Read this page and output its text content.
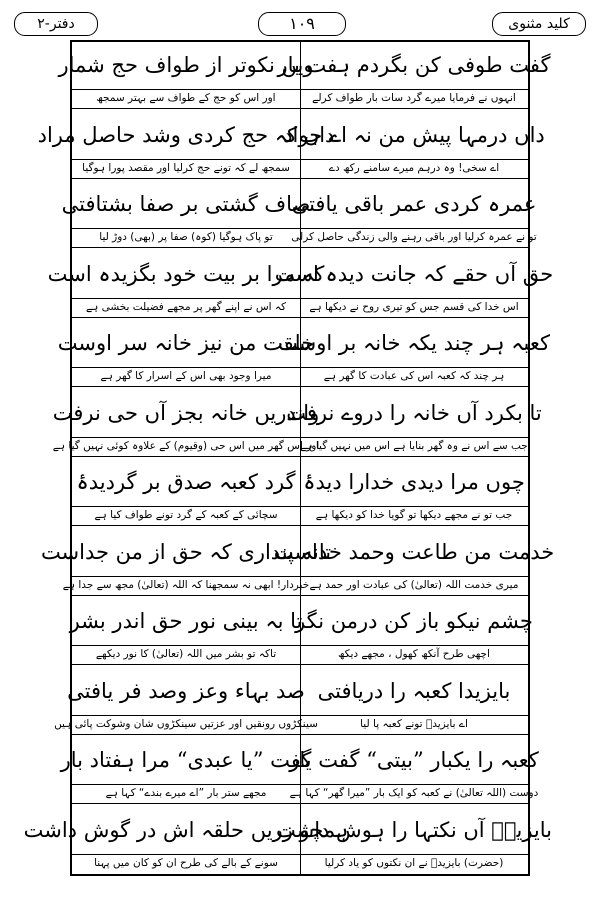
کلید مثنوی
۱۰۹
دفتر-۲
گفت طوفی کن بگردم ہفت بار
ویں نکوتر از طواف حج شمار
انہوں نے فرمایا میرے گرد سات بار طواف کرلے
اور اس کو حج کے طواف سے بہتر سمجھ
داں درمہا پیش من نہ اے جواد
داں کہ حج کردی وشد حاصل مراد
اے سخی! وہ درہم میرے سامنے رکھ دے
سمجھ لے کہ تونے حج کرلیا اور مقصد پورا ہوگیا
عمرہ کردی عمر باقی یافتی
صاف گشتی بر صفا بشتافتی
تو نے عمرہ کرلیا اور باقی رہنے والی زندگی حاصل کرلی
تو پاک ہوگیا (کوہ) صفا پر (بھی) دوڑ لیا
حق آں حقے کہ جانت دیدہ است
کہ مرا بر بیت خود بگزیدہ است
اس خدا کی قسم جس کو تیری روح نے دیکھا ہے
کہ اس نے اپنے گھر پر مجھے فضیلت بخشی ہے
کعبہ ہر چند یکہ خانہ بر اوست
خلقت من نیز خانہ سر اوست
ہر چند کہ کعبہ اس کی عبادت کا گھر ہے
میرا وجود بھی اس کے اسرار کا گھر ہے
تا بکرد آں خانہ را دروے نرفت
واندریں خانہ بجز آں حی نرفت
جب سے اس نے وہ گھر بنایا ہے اس میں نہیں گیا ہے
اور اس گھر میں اس حی (وقیوم) کے علاوہ کوئی نہیں گیا ہے
چوں مرا دیدی خدارا دیدۂ
گرد کعبہ صدق بر گردیدۂ
جب تو نے مجھے دیکھا تو گویا خدا کو دیکھا ہے
سچائی کے کعبہ کے گرد تونے طواف کیا ہے
خدمت من طاعت وحمد خداست
تانہ پنداری کہ حق از من جداست
میری خدمت اللہ (تعالیٰ) کی عبادت اور حمد ہے
خبردار! ابھی نہ سمجھنا کہ اللہ (تعالیٰ) مجھ سے جدا ہے
چشم نیکو باز کن درمن نگر
تا بہ بینی نور حق اندر بشر
اچھی طرح آنکھ کھول ، مجھے دیکھ
تاکہ تو بشر میں اللہ (تعالیٰ) کا نور دیکھے
بایزیدا کعبہ را دریافتی
صد بہاء وعز وصد فر یافتی
اے بایزیدؒ تونے کعبہ پا لیا
سینکڑوں رونقیں اور عزتیں سینکڑوں شان وشوکت پائی ہیں
کعبہ را یکبار ”بیتی“ گفت یار
گفت ”یا عبدی“ مرا ہفتاد بار
دوست (اللہ تعالیٰ) نے کعبہ کو ایک بار ”میرا گھر“ کہا ہے
مجھے ستر بار ”اے میرے بندے“ کہا ہے
بایزیدؒ آں نکتہا را ہوش داشت
ہمچو زریں حلقہ اش در گوش داشت
(حضرت) بایزیدؒ نے ان نکتوں کو یاد کرلیا
سونے کے بالے کی طرح ان کو کان میں پہنا
